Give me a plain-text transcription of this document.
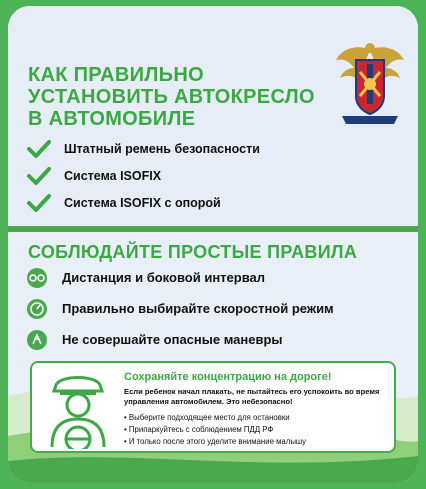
КАК ПРАВИЛЬНО
УСТАНОВИТЬ АВТОКРЕСЛО
В АВТОМОБИЛЕ
Штатный ремень безопасности
Система ISOFIX
Система ISOFIX с опорой
СОБЛЮДАЙТЕ ПРОСТЫЕ ПРАВИЛА
Дистанция и боковой интервал
Правильно выбирайте скоростной режим
Не совершайте опасные маневры
Сохраняйте концентрацию на дороге!
Если ребенок начал плакать, не пытайтесь его успокоить во время управления автомобилем. Это небезопасно!
• Выберите подходящее место для остановки
• Припаркуйтесь с соблюдением ПДД РФ
• И только после этого уделите внимание малышу
